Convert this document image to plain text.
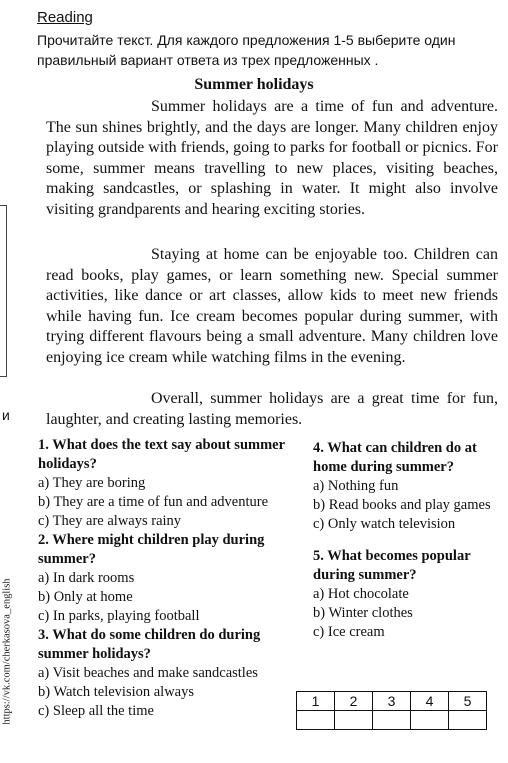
Reading
Прочитайте текст. Для каждого предложения 1-5 выберите один правильный вариант ответа из трех предложенных .
Summer holidays
Summer holidays are a time of fun and adventure. The sun shines brightly, and the days are longer. Many children enjoy playing outside with friends, going to parks for football or picnics. For some, summer means travelling to new places, visiting beaches, making sandcastles, or splashing in water. It might also involve visiting grandparents and hearing exciting stories.
Staying at home can be enjoyable too. Children can read books, play games, or learn something new. Special summer activities, like dance or art classes, allow kids to meet new friends while having fun. Ice cream becomes popular during summer, with trying different flavours being a small adventure. Many children love enjoying ice cream while watching films in the evening.
Overall, summer holidays are a great time for fun, laughter, and creating lasting memories.
и
https://vk.com/cherkasova_english
1. What does the text say about summer holidays?
a) They are boring
b) They are a time of fun and adventure
c) They are always rainy
2. Where might children play during summer?
a) In dark rooms
b) Only at home
c) In parks, playing football
3. What do some children do during summer holidays?
a) Visit beaches and make sandcastles
b) Watch television always
c) Sleep all the time
4. What can children do at home during summer?
a) Nothing fun
b) Read books and play games
c) Only watch television
5. What becomes popular during summer?
a) Hot chocolate
b) Winter clothes
c) Ice cream
1	2	3	4	5
